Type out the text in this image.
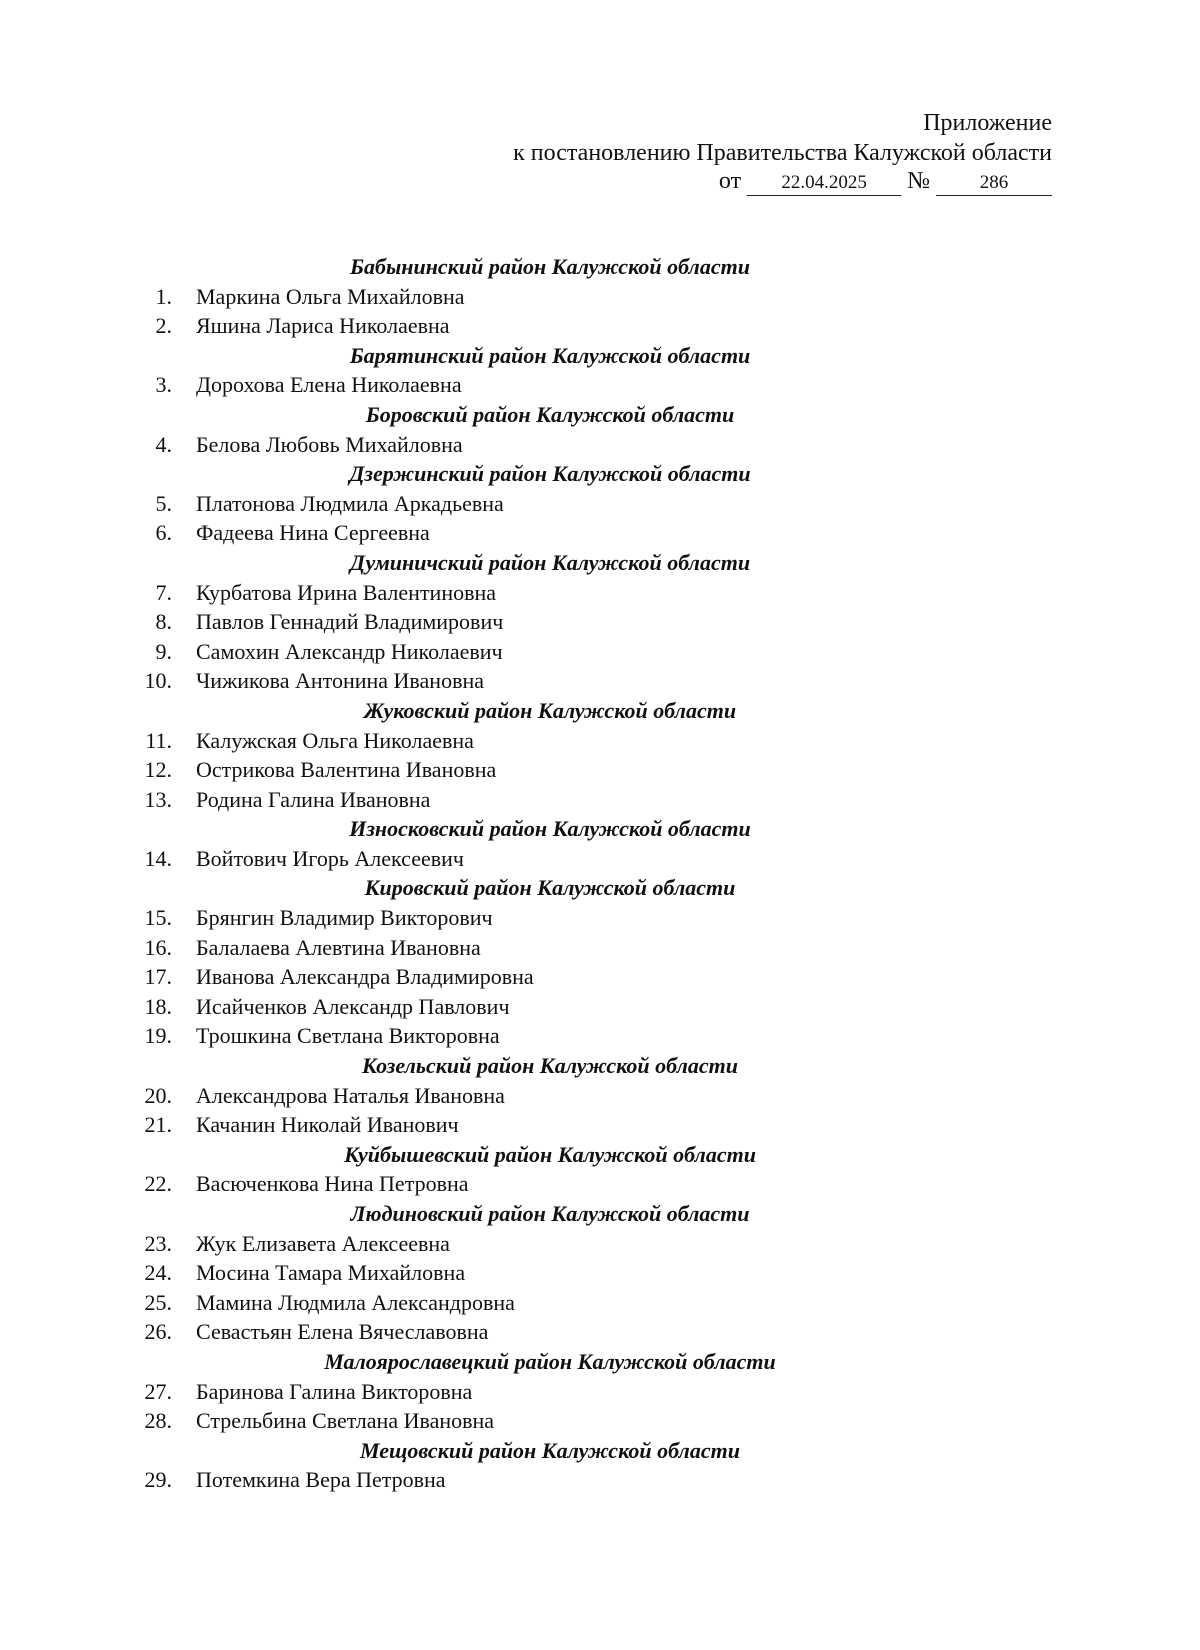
Приложение
к постановлению Правительства Калужской области
от	22.04.2025	№	286
Бабынинский район Калужской области
1. Маркина Ольга Михайловна
2. Яшина Лариса Николаевна
Барятинский район Калужской области
3. Дорохова Елена Николаевна
Боровский район Калужской области
4. Белова Любовь Михайловна
Дзержинский район Калужской области
5. Платонова Людмила Аркадьевна
6. Фадеева Нина Сергеевна
Думиничский район Калужской области
7. Курбатова Ирина Валентиновна
8. Павлов Геннадий Владимирович
9. Самохин Александр Николаевич
10. Чижикова Антонина Ивановна
Жуковский район Калужской области
11. Калужская Ольга Николаевна
12. Острикова Валентина Ивановна
13. Родина Галина Ивановна
Износковский район Калужской области
14. Войтович Игорь Алексеевич
Кировский район Калужской области
15. Брянгин Владимир Викторович
16. Балалаева Алевтина Ивановна
17. Иванова Александра Владимировна
18. Исайченков Александр Павлович
19. Трошкина Светлана Викторовна
Козельский район Калужской области
20. Александрова Наталья Ивановна
21. Качанин Николай Иванович
Куйбышевский район Калужской области
22. Васюченкова Нина Петровна
Людиновский район Калужской области
23. Жук Елизавета Алексеевна
24. Мосина Тамара Михайловна
25. Мамина Людмила Александровна
26. Севастьян Елена Вячеславовна
Малоярославецкий район Калужской области
27. Баринова Галина Викторовна
28. Стрельбина Светлана Ивановна
Мещовский район Калужской области
29. Потемкина Вера Петровна
